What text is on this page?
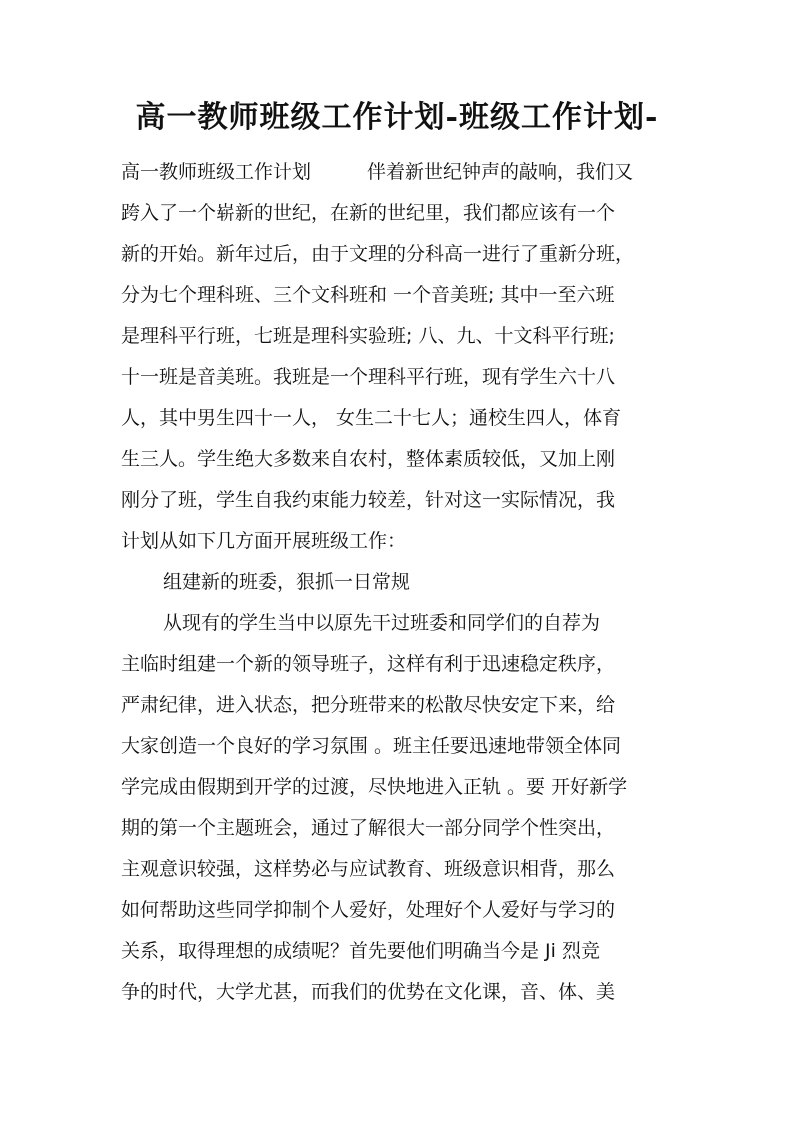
高一教师班级工作计划-班级工作计划-
高一教师班级工作计划	伴着新世纪钟声的敲响，我们又
跨入了一个崭新的世纪，在新的世纪里，我们都应该有一个
新的开始。新年过后，由于文理的分科高一进行了重新分班，
分为七个理科班、三个文科班和 一个音美班; 其中一至六班
是理科平行班，七班是理科实验班; 八、九、十文科平行班;
十一班是音美班。我班是一个理科平行班，现有学生六十八
人，其中男生四十一人， 女生二十七人；通校生四人，体育
生三人。学生绝大多数来自农村，整体素质较低，又加上刚
刚分了班，学生自我约束能力较差，针对这一实际情况，我
计划从如下几方面开展班级工作：
组建新的班委，狠抓一日常规
从现有的学生当中以原先干过班委和同学们的自荐为
主临时组建一个新的领导班子，这样有利于迅速稳定秩序，
严肃纪律，进入状态，把分班带来的松散尽快安定下来，给
大家创造一个良好的学习氛围 。班主任要迅速地带领全体同
学完成由假期到开学的过渡，尽快地进入正轨 。要 开好新学
期的第一个主题班会，通过了解很大一部分同学个性突出，
主观意识较强，这样势必与应试教育、班级意识相背，那么
如何帮助这些同学抑制个人爱好，处理好个人爱好与学习的
关系，取得理想的成绩呢？首先要他们明确当今是 Ji 烈竞
争的时代，大学尤甚，而我们的优势在文化课，音、体、美
